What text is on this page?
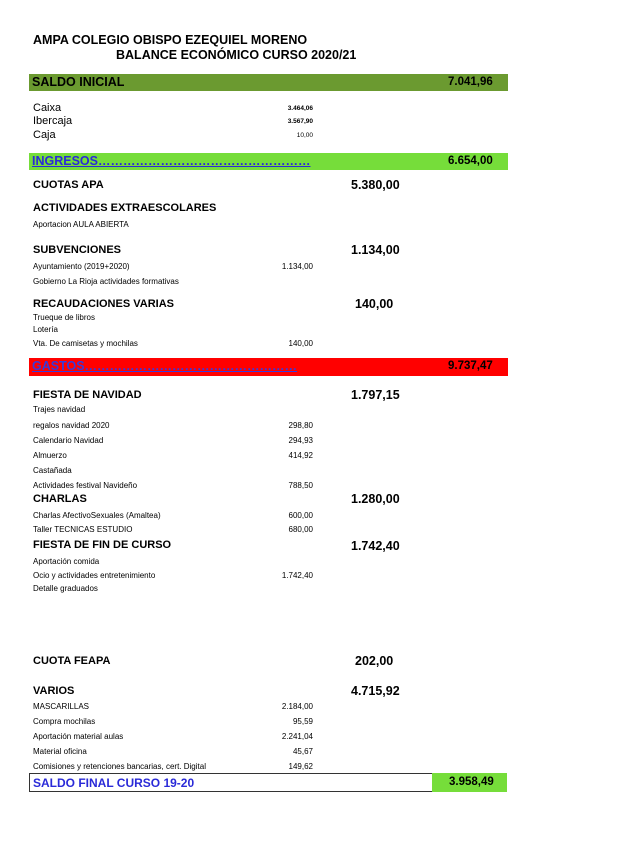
AMPA COLEGIO OBISPO EZEQUIEL MORENO
BALANCE ECONÓMICO CURSO 2020/21
SALDO INICIAL	7.041,96
Caixa	3.464,06
Ibercaja	3.567,90
Caja	10,00
INGRESOS……………………………………………	6.654,00
CUOTAS APA	5.380,00
ACTIVIDADES EXTRAESCOLARES
Aportacion AULA ABIERTA
SUBVENCIONES	1.134,00
Ayuntamiento (2019+2020)	1.134,00
Gobierno La Rioja actividades formativas
RECAUDACIONES VARIAS	140,00
Trueque de libros
Lotería
Vta. De camisetas y mochilas	140,00
GASTOS……………………………………………	9.737,47
FIESTA DE NAVIDAD	1.797,15
Trajes navidad
regalos navidad 2020	298,80
Calendario Navidad	294,93
Almuerzo	414,92
Castañada
Actividades festival Navideño	788,50
CHARLAS	1.280,00
Charlas AfectivoSexuales (Amaltea)	600,00
Taller TECNICAS ESTUDIO	680,00
FIESTA DE FIN DE CURSO	1.742,40
Aportación comida
Ocio y actividades entretenimiento	1.742,40
Detalle graduados
CUOTA FEAPA	202,00
VARIOS	4.715,92
MASCARILLAS	2.184,00
Compra mochilas	95,59
Aportación material aulas	2.241,04
Material oficina	45,67
Comisiones y retenciones bancarias, cert. Digital	149,62
SALDO FINAL CURSO 19-20	3.958,49
